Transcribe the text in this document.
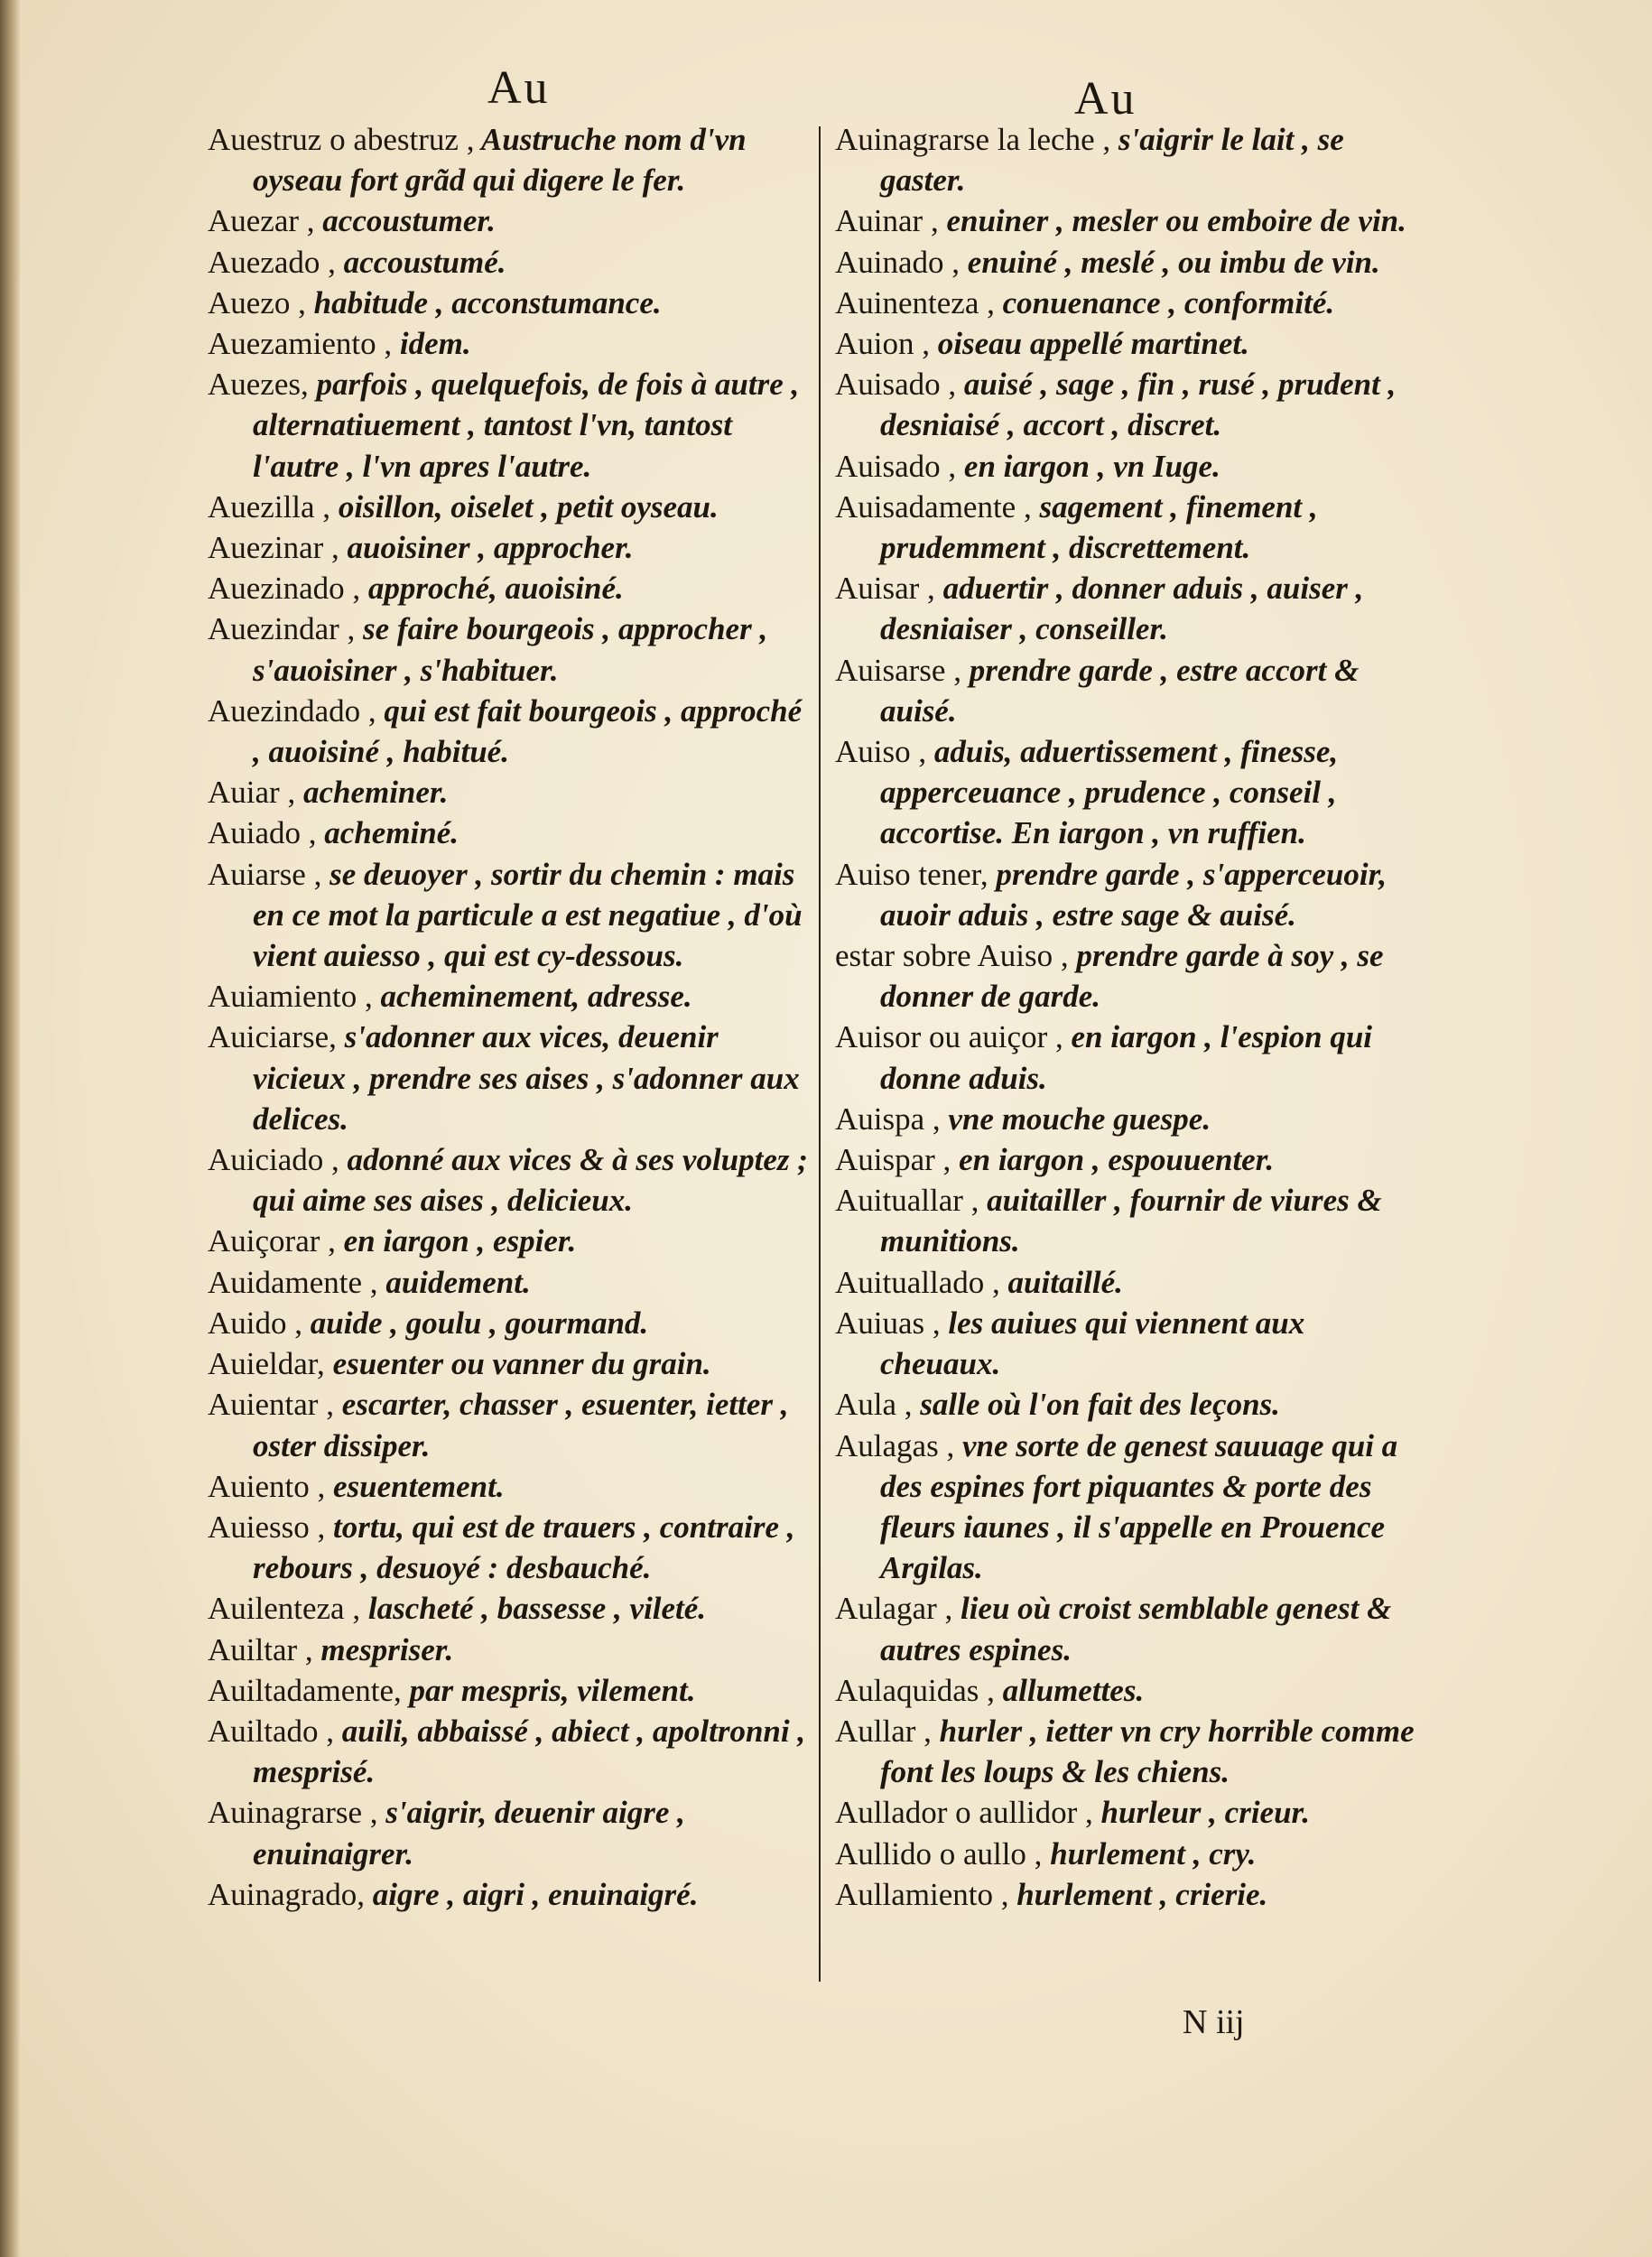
Au	Au
Auestruz o abestruz , Austruche nom d'vn oyseau fort grãd qui digere le fer.
Auezar , accoustumer.
Auezado , accoustumé.
Auezo , habitude , acconstumance.
Auezamiento , idem.
Auezes, parfois , quelquefois, de fois à autre , alternatiuement , tantost l'vn, tantost l'autre , l'vn apres l'autre.
Auezilla , oisillon, oiselet , petit oyseau.
Auezinar , auoisiner , approcher.
Auezinado , approché, auoisiné.
Auezindar , se faire bourgeois , approcher , s'auoisiner , s'habituer.
Auezindado , qui est fait bourgeois , approché , auoisiné , habitué.
Auiar , acheminer.
Auiado , acheminé.
Auiarse , se deuoyer , sortir du chemin : mais en ce mot la particule a est negatiue , d'où vient auiesso , qui est cy-dessous.
Auiamiento , acheminement, adresse.
Auiciarse, s'adonner aux vices, deuenir vicieux , prendre ses aises , s'adonner aux delices.
Auiciado , adonné aux vices & à ses voluptez ; qui aime ses aises , delicieux.
Auiçorar , en iargon , espier.
Auidamente , auidement.
Auido , auide , goulu , gourmand.
Auieldar, esuenter ou vanner du grain.
Auientar , escarter, chasser , esuenter, ietter , oster dissiper.
Auiento , esuentement.
Auiesso , tortu, qui est de trauers , contraire , rebours , desuoyé : desbauché.
Auilenteza , lascheté , bassesse , vileté.
Auiltar , mespriser.
Auiltadamente, par mespris, vilement.
Auiltado , auili, abbaissé , abiect , apoltronni , mesprisé.
Auinagrarse , s'aigrir, deuenir aigre , enuinaigrer.
Auinagrado, aigre , aigri , enuinaigré.
Auinagrarse la leche , s'aigrir le lait , se gaster.
Auinar , enuiner , mesler ou emboire de vin.
Auinado , enuiné , meslé , ou imbu de vin.
Auinenteza , conuenance , conformité.
Auion , oiseau appellé martinet.
Auisado , auisé , sage , fin , rusé , prudent , desniaisé , accort , discret.
Auisado , en iargon , vn Iuge.
Auisadamente , sagement , finement , prudemment , discrettement.
Auisar , aduertir , donner aduis , auiser , desniaiser , conseiller.
Auisarse , prendre garde , estre accort & auisé.
Auiso , aduis, aduertissement , finesse, apperceuance , prudence , conseil , accortise. En iargon , vn ruffien.
Auiso tener, prendre garde , s'apperceuoir, auoir aduis , estre sage & auisé.
estar sobre Auiso , prendre garde à soy , se donner de garde.
Auisor ou auiçor , en iargon , l'espion qui donne aduis.
Auispa , vne mouche guespe.
Auispar , en iargon , espouuenter.
Auituallar , auitailler , fournir de viures & munitions.
Auituallado , auitaillé.
Auiuas , les auiues qui viennent aux cheuaux.
Aula , salle où l'on fait des leçons.
Aulagas , vne sorte de genest sauuage qui a des espines fort piquantes & porte des fleurs iaunes , il s'appelle en Prouence Argilas.
Aulagar , lieu où croist semblable genest & autres espines.
Aulaquidas , allumettes.
Aullar , hurler , ietter vn cry horrible comme font les loups & les chiens.
Aullador o aullidor , hurleur , crieur.
Aullido o aullo , hurlement , cry.
Aullamiento , hurlement , crierie.
N iij
